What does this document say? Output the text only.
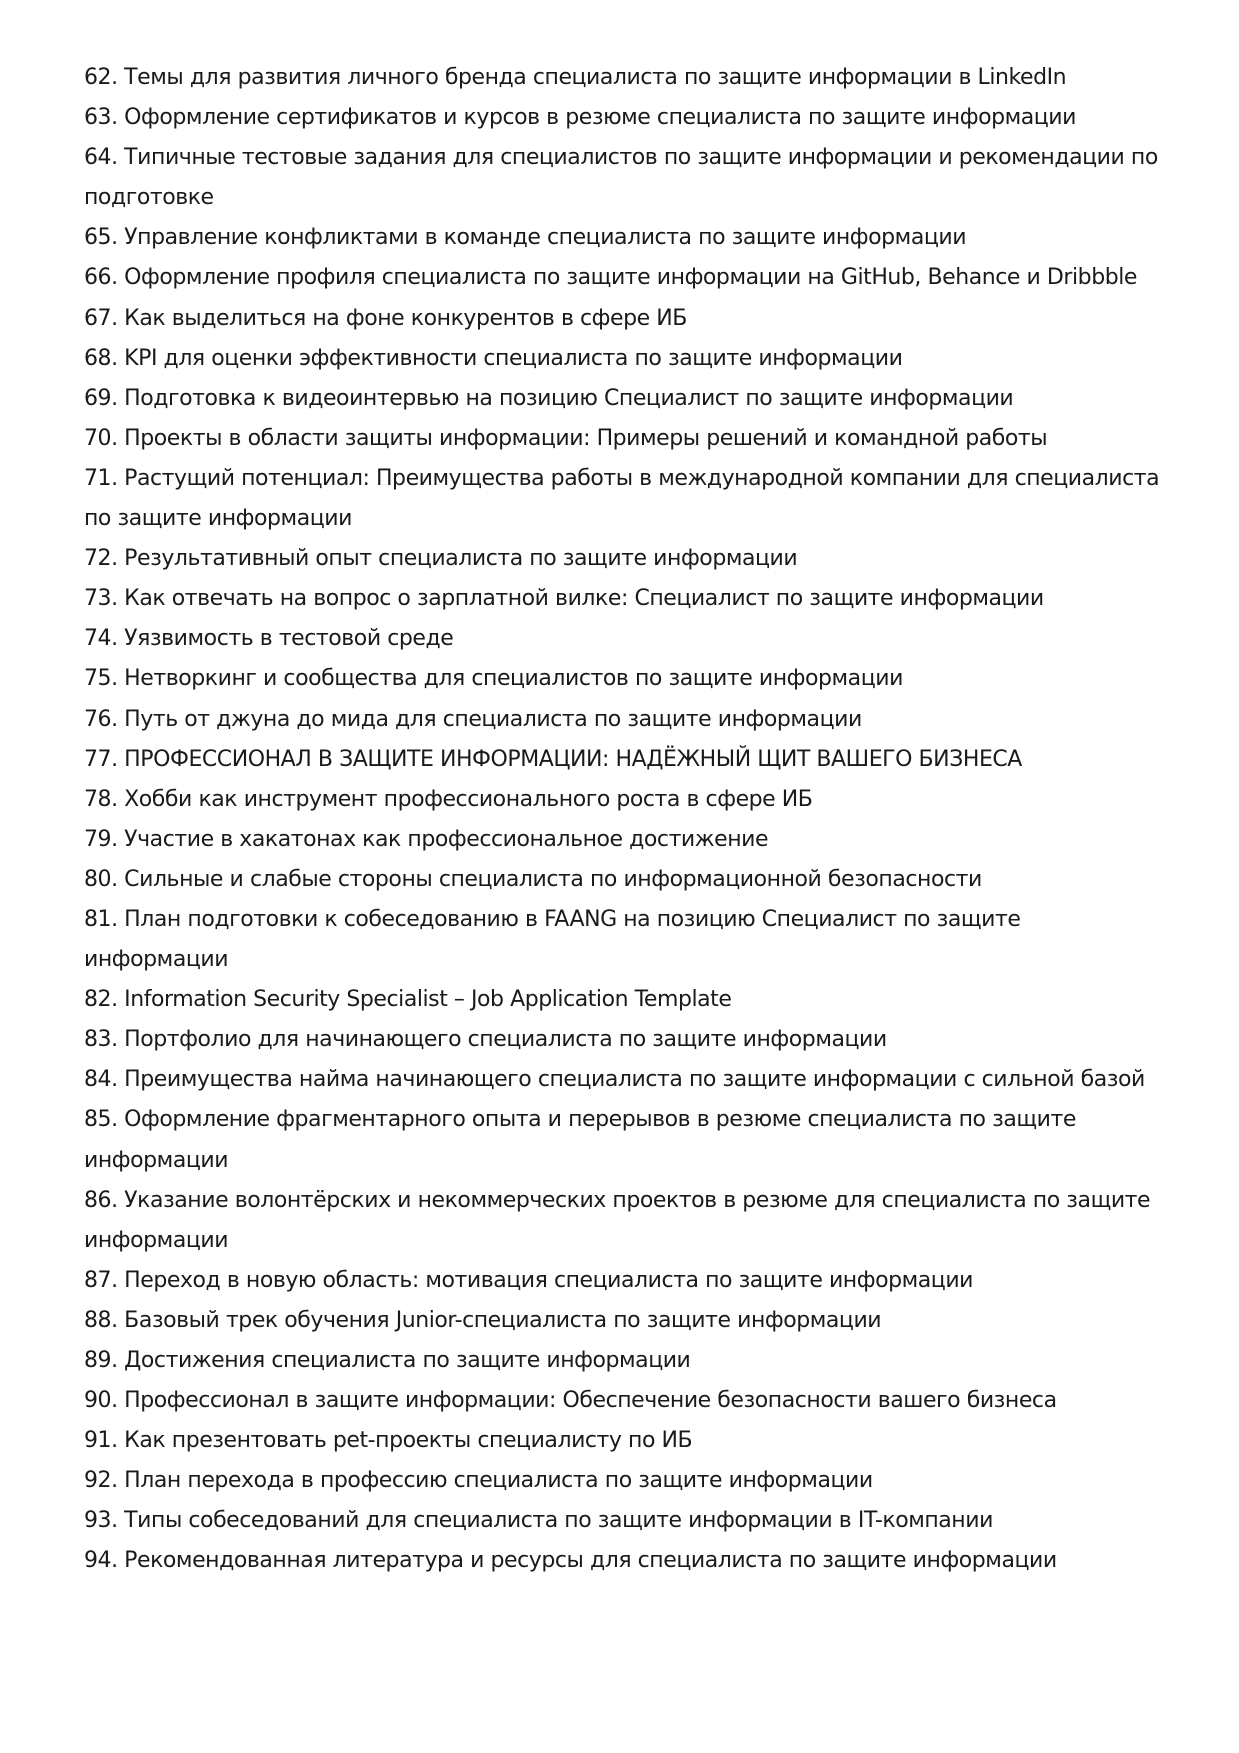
62. Темы для развития личного бренда специалиста по защите информации в LinkedIn
63. Оформление сертификатов и курсов в резюме специалиста по защите информации
64. Типичные тестовые задания для специалистов по защите информации и рекомендации по подготовке
65. Управление конфликтами в команде специалиста по защите информации
66. Оформление профиля специалиста по защите информации на GitHub, Behance и Dribbble
67. Как выделиться на фоне конкурентов в сфере ИБ
68. KPI для оценки эффективности специалиста по защите информации
69. Подготовка к видеоинтервью на позицию Специалист по защите информации
70. Проекты в области защиты информации: Примеры решений и командной работы
71. Растущий потенциал: Преимущества работы в международной компании для специалиста по защите информации
72. Результативный опыт специалиста по защите информации
73. Как отвечать на вопрос о зарплатной вилке: Специалист по защите информации
74. Уязвимость в тестовой среде
75. Нетворкинг и сообщества для специалистов по защите информации
76. Путь от джуна до мида для специалиста по защите информации
77. ПРОФЕССИОНАЛ В ЗАЩИТЕ ИНФОРМАЦИИ: НАДЁЖНЫЙ ЩИТ ВАШЕГО БИЗНЕСА
78. Хобби как инструмент профессионального роста в сфере ИБ
79. Участие в хакатонах как профессиональное достижение
80. Сильные и слабые стороны специалиста по информационной безопасности
81. План подготовки к собеседованию в FAANG на позицию Специалист по защите информации
82. Information Security Specialist – Job Application Template
83. Портфолио для начинающего специалиста по защите информации
84. Преимущества найма начинающего специалиста по защите информации с сильной базой
85. Оформление фрагментарного опыта и перерывов в резюме специалиста по защите информации
86. Указание волонтёрских и некоммерческих проектов в резюме для специалиста по защите информации
87. Переход в новую область: мотивация специалиста по защите информации
88. Базовый трек обучения Junior-специалиста по защите информации
89. Достижения специалиста по защите информации
90. Профессионал в защите информации: Обеспечение безопасности вашего бизнеса
91. Как презентовать pet-проекты специалисту по ИБ
92. План перехода в профессию специалиста по защите информации
93. Типы собеседований для специалиста по защите информации в IT-компании
94. Рекомендованная литература и ресурсы для специалиста по защите информации
